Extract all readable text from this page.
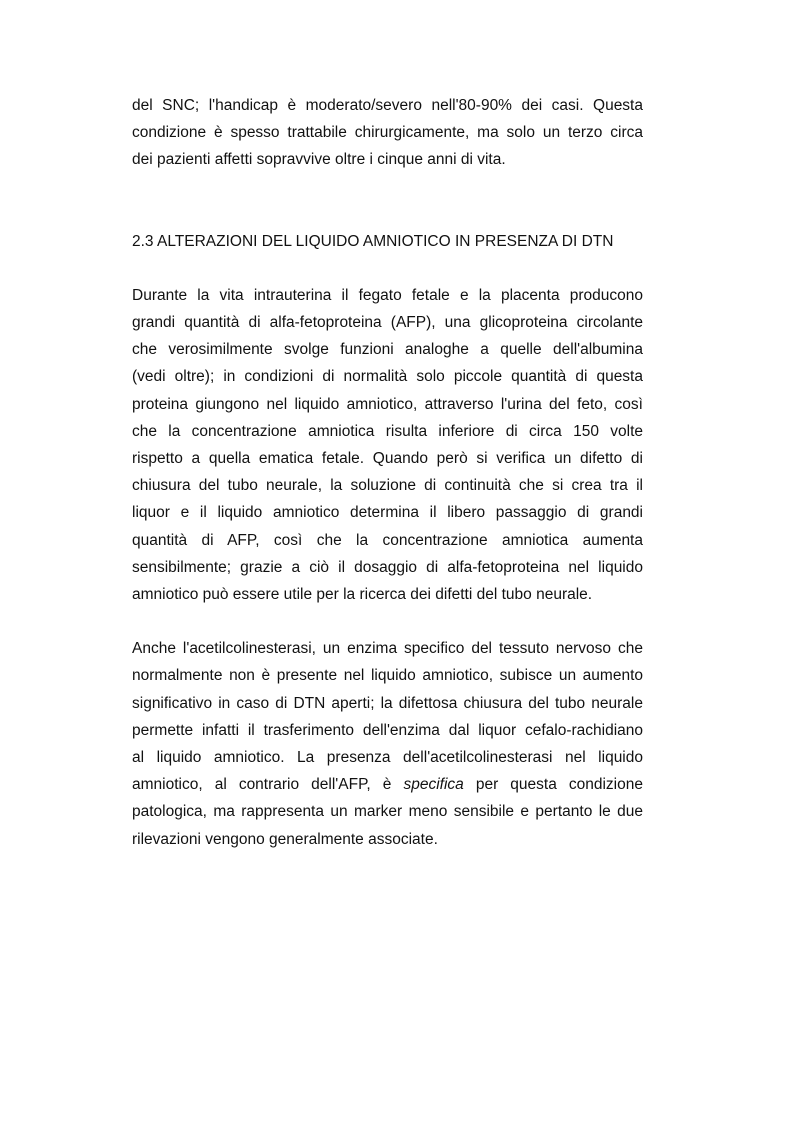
del SNC; l'handicap è moderato/severo nell'80-90% dei casi. Questa
condizione è spesso trattabile chirurgicamente, ma solo un terzo circa
dei pazienti affetti sopravvive oltre i cinque anni di vita.

2.3 ALTERAZIONI DEL LIQUIDO AMNIOTICO IN PRESENZA DI DTN

Durante la vita intrauterina il fegato fetale e la placenta producono
grandi quantità di alfa-fetoproteina (AFP), una glicoproteina circolante
che verosimilmente svolge funzioni analoghe a quelle dell'albumina
(vedi oltre); in condizioni di normalità solo piccole quantità di questa
proteina giungono nel liquido amniotico, attraverso l'urina del feto, così
che la concentrazione amniotica risulta inferiore di circa 150 volte
rispetto a quella ematica fetale. Quando però si verifica un difetto di
chiusura del tubo neurale, la soluzione di continuità che si crea tra il
liquor e il liquido amniotico determina il libero passaggio di grandi
quantità di AFP, così che la concentrazione amniotica aumenta
sensibilmente; grazie a ciò il dosaggio di alfa-fetoproteina nel liquido
amniotico può essere utile per la ricerca dei difetti del tubo neurale.

Anche l'acetilcolinesterasi, un enzima specifico del tessuto nervoso che
normalmente non è presente nel liquido amniotico, subisce un aumento
significativo in caso di DTN aperti; la difettosa chiusura del tubo neurale
permette infatti il trasferimento dell'enzima dal liquor cefalo-rachidiano
al liquido amniotico. La presenza dell'acetilcolinesterasi nel liquido
amniotico, al contrario dell'AFP, è specifica per questa condizione
patologica, ma rappresenta un marker meno sensibile e pertanto le due
rilevazioni vengono generalmente associate.
